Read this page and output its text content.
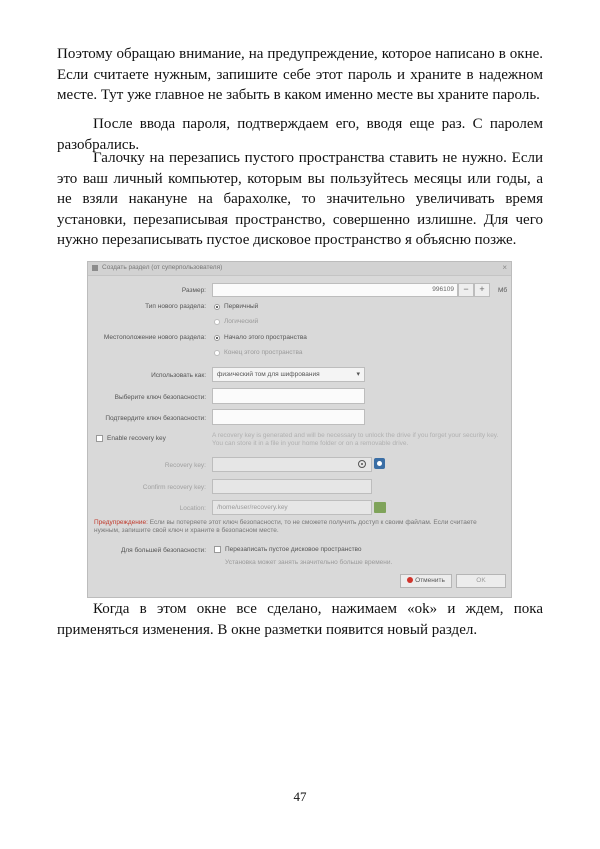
Поэтому обращаю внимание, на предупреждение, которое написано в окне. Если считаете нужным, запишите себе этот пароль и храните в надежном месте. Тут уже главное не забыть в каком именно месте вы храните пароль.

После ввода пароля, подтверждаем его, вводя еще раз. С паролем разобрались.

Галочку на перезапись пустого пространства ставить не нужно. Если это ваш личный компьютер, которым вы пользуйтесь месяцы или годы, а не взяли накануне на барахолке, то значительно увеличивать время установки, перезаписывая пространство, совершенно излишне. Для чего нужно перезаписывать пустое дисковое пространство я объясню позже.

Создать раздел (от суперпользователя)	×
Размер:	996109	−	+	Мб
Тип нового раздела:	Первичный
Логический
Местоположение нового раздела:	Начало этого пространства
Конец этого пространства
Использовать как: физический том для шифрования	▾
Выберите ключ безопасности:
Подтвердите ключ безопасности:
Enable recovery key	A recovery key is generated and will be necessary to unlock the drive if you forget your security key. You can store it in a file in your home folder or on a removable drive.
Recovery key:
Confirm recovery key:
Location: /home/user/recovery.key
Предупреждение: Если вы потеряете этот ключ безопасности, то не сможете получить доступ к своим файлам. Если считаете нужным, запишите свой ключ и храните в безопасном месте.
Для большей безопасности:	Перезаписать пустое дисковое пространство
Установка может занять значительно больше времени.
Отменить	OK

Когда в этом окне все сделано, нажимаем «ok» и ждем, пока применяться изменения. В окне разметки появится новый раздел.

47
